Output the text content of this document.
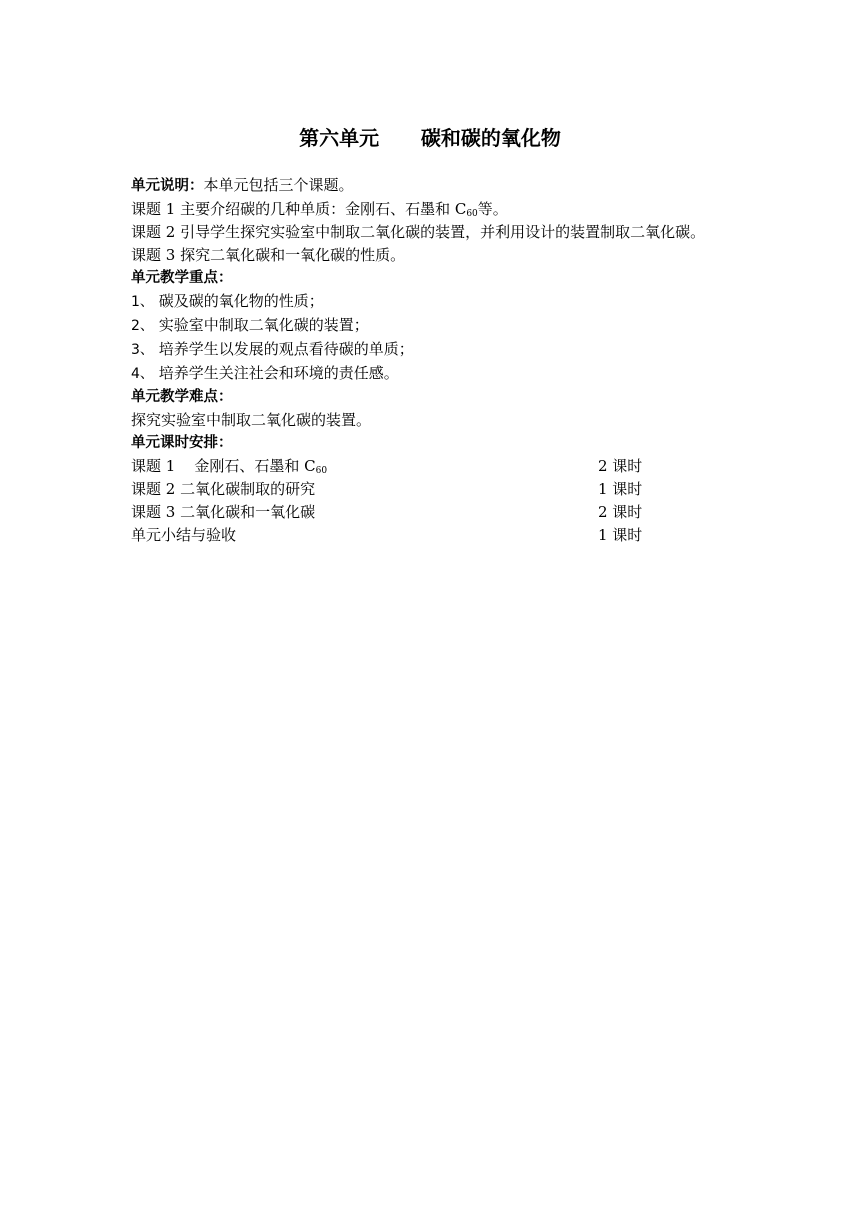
第六单元      碳和碳的氧化物

单元说明：本单元包括三个课题。

课题 1 主要介绍碳的几种单质：金刚石、石墨和 $C_{60}$等。

课题 2 引导学生探究实验室中制取二氧化碳的装置，并利用设计的装置制取二氧化碳。

课题 3 探究二氧化碳和一氧化碳的性质。

单元教学重点：

1、 碳及碳的氧化物的性质；

2、 实验室中制取二氧化碳的装置；

3、 培养学生以发展的观点看待碳的单质；

4、 培养学生关注社会和环境的责任感。

单元教学难点：

探究实验室中制取二氧化碳的装置。

单元课时安排：

课题 1    金刚石、石墨和 $C_{60}$	2 课时
课题 2 二氧化碳制取的研究	1 课时
课题 3 二氧化碳和一氧化碳	2 课时
单元小结与验收	1 课时
